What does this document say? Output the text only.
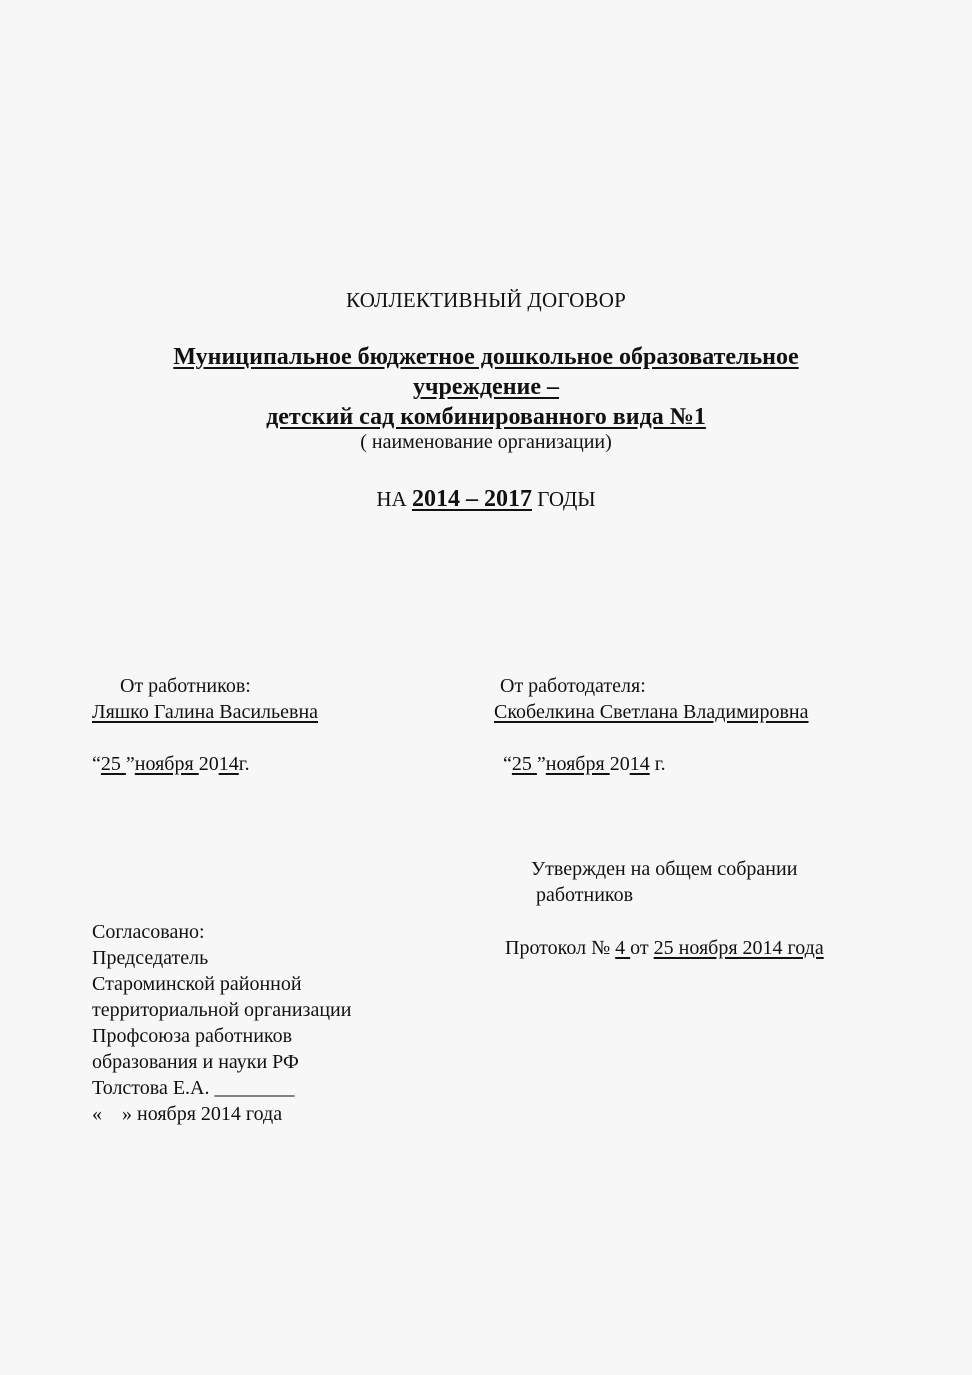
КОЛЛЕКТИВНЫЙ ДОГОВОР
Муниципальное бюджетное дошкольное образовательное
учреждение –
детский сад комбинированного вида №1
( наименование организации)
НА 2014 – 2017 ГОДЫ
От работников:
Ляшко Галина Васильевна
“25 ”ноября 2014г.
От работодателя:
Скобелкина Светлана Владимировна
“25 ”ноября 2014 г.
Утвержден на общем собрании
работников
Протокол № 4 от 25 ноября 2014 года
Согласовано:
Председатель
Староминской районной
территориальной организации
Профсоюза работников
образования и науки РФ
Толстова Е.А. ________
«    » ноября 2014 года
